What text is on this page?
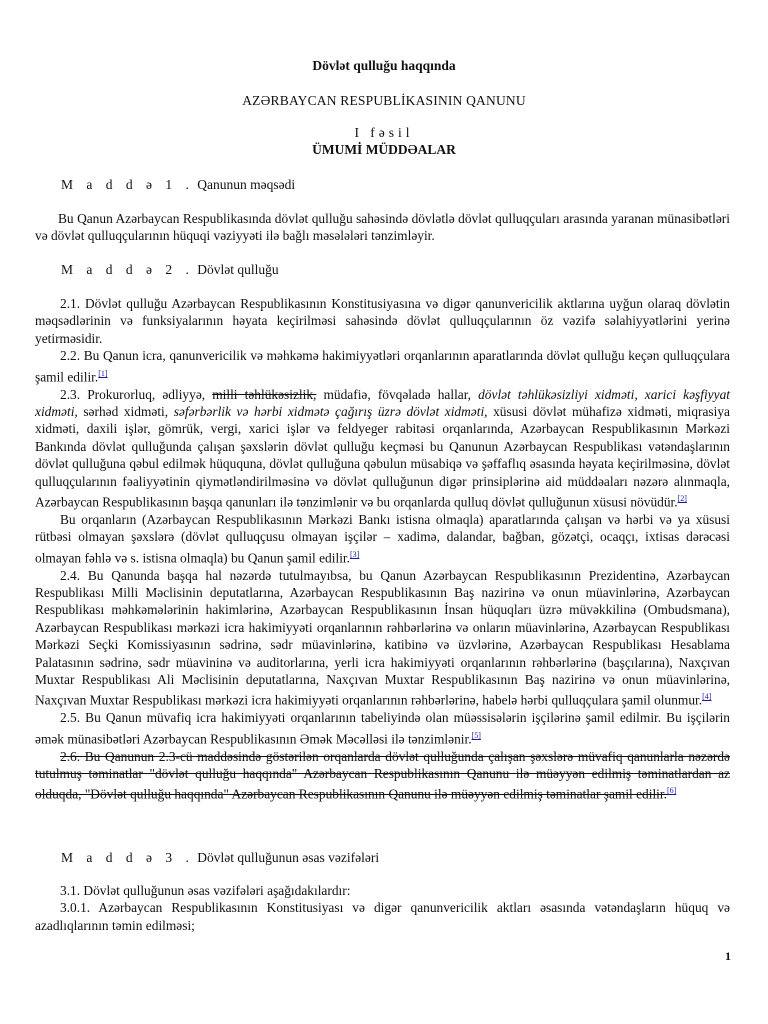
Dövlət qulluğu haqqında
AZƏRBAYCAN RESPUBLİKASININ QANUNU
I fəsil
ÜMUMİ MÜDDƏALAR
M a d d ə 1 . Qanunun məqsədi

Bu Qanun Azərbaycan Respublikasında dövlət qulluğu sahəsində dövlətlə dövlət qulluqçuları arasında yaranan münasibətləri və dövlət qulluqçularının hüquqi vəziyyəti ilə bağlı məsələləri tənzimləyir.

M a d d ə 2 . Dövlət qulluğu

2.1. Dövlət qulluğu Azərbaycan Respublikasının Konstitusiyasına və digər qanunvericilik aktlarına uyğun olaraq dövlətin məqsədlərinin və funksiyalarının həyata keçirilməsi sahəsində dövlət qulluqçularının öz vəzifə səlahiyyətlərini yerinə yetirməsidir.

2.2. Bu Qanun icra, qanunvericilik və məhkəmə hakimiyyətləri orqanlarının aparatlarında dövlət qulluğu keçən qulluqçulara şamil edilir.[1]

2.3. Prokurorluq, ədliyyə, milli təhlükəsizlik, müdafiə, fövqəladə hallar, dövlət təhlükəsizliyi xidməti, xarici kəşfiyyat xidməti, sərhəd xidməti, səfərbərlik və hərbi xidmətə çağırış üzrə dövlət xidməti, xüsusi dövlət mühafizə xidməti, miqrasiya xidməti, daxili işlər, gömrük, vergi, xarici işlər və feldyeger rabitəsi orqanlarında, Azərbaycan Respublikasının Mərkəzi Bankında dövlət qulluğunda çalışan şəxslərin dövlət qulluğu keçməsi bu Qanunun Azərbaycan Respublikası vətəndaşlarının dövlət qulluğuna qəbul edilmək hüququna, dövlət qulluğuna qəbulun müsabiqə və şəffaflıq əsasında həyata keçirilməsinə, dövlət qulluqçularının fəaliyyətinin qiymətləndirilməsinə və dövlət qulluğunun digər prinsiplərinə aid müddəaları nəzərə alınmaqla, Azərbaycan Respublikasının başqa qanunları ilə tənzimlənir və bu orqanlarda qulluq dövlət qulluğunun xüsusi növüdür.[2]

Bu orqanların (Azərbaycan Respublikasının Mərkəzi Bankı istisna olmaqla) aparatlarında çalışan və hərbi və ya xüsusi rütbəsi olmayan şəxslərə (dövlət qulluqçusu olmayan işçilər – xadimə, dalandar, bağban, gözətçi, ocaqçı, ixtisas dərəcəsi olmayan fəhlə və s. istisna olmaqla) bu Qanun şamil edilir.[3]

2.4. Bu Qanunda başqa hal nəzərdə tutulmayıbsa, bu Qanun Azərbaycan Respublikasının Prezidentinə, Azərbaycan Respublikası Milli Məclisinin deputatlarına, Azərbaycan Respublikasının Baş nazirinə və onun müavinlərinə, Azərbaycan Respublikası məhkəmələrinin hakimlərinə, Azərbaycan Respublikasının İnsan hüquqları üzrə müvəkkilinə (Ombudsmana), Azərbaycan Respublikası mərkəzi icra hakimiyyəti orqanlarının rəhbərlərinə və onların müavinlərinə, Azərbaycan Respublikası Mərkəzi Seçki Komissiyasının sədrinə, sədr müavinlərinə, katibinə və üzvlərinə, Azərbaycan Respublikası Hesablama Palatasının sədrinə, sədr müavininə və auditorlarına, yerli icra hakimiyyəti orqanlarının rəhbərlərinə (başçılarına), Naxçıvan Muxtar Respublikası Ali Məclisinin deputatlarına, Naxçıvan Muxtar Respublikasının Baş nazirinə və onun müavinlərinə, Naxçıvan Muxtar Respublikası mərkəzi icra hakimiyyəti orqanlarının rəhbərlərinə, habelə hərbi qulluqçulara şamil olunmur.[4]

2.5. Bu Qanun müvafiq icra hakimiyyəti orqanlarının tabeliyində olan müəssisələrin işçilərinə şamil edilmir. Bu işçilərin əmək münasibətləri Azərbaycan Respublikasının Əmək Məcəlləsi ilə tənzimlənir.[5]

2.6. Bu Qanunun 2.3-cü maddəsində göstərilən orqanlarda dövlət qulluğunda çalışan şəxslərə müvafiq qanunlarla nəzərdə tutulmuş təminatlar "dövlət qulluğu haqqında" Azərbaycan Respublikasının Qanunu ilə müəyyən edilmiş təminatlardan az olduqda, "Dövlət qulluğu haqqında" Azərbaycan Respublikasının Qanunu ilə müəyyən edilmiş təminatlar şamil edilir.[6]

M a d d ə 3 . Dövlət qulluğunun əsas vəzifələri

3.1. Dövlət qulluğunun əsas vəzifələri aşağıdakılardır:

3.0.1. Azərbaycan Respublikasının Konstitusiyası və digər qanunvericilik aktları əsasında vətəndaşların hüquq və azadlıqlarının təmin edilməsi;

1
